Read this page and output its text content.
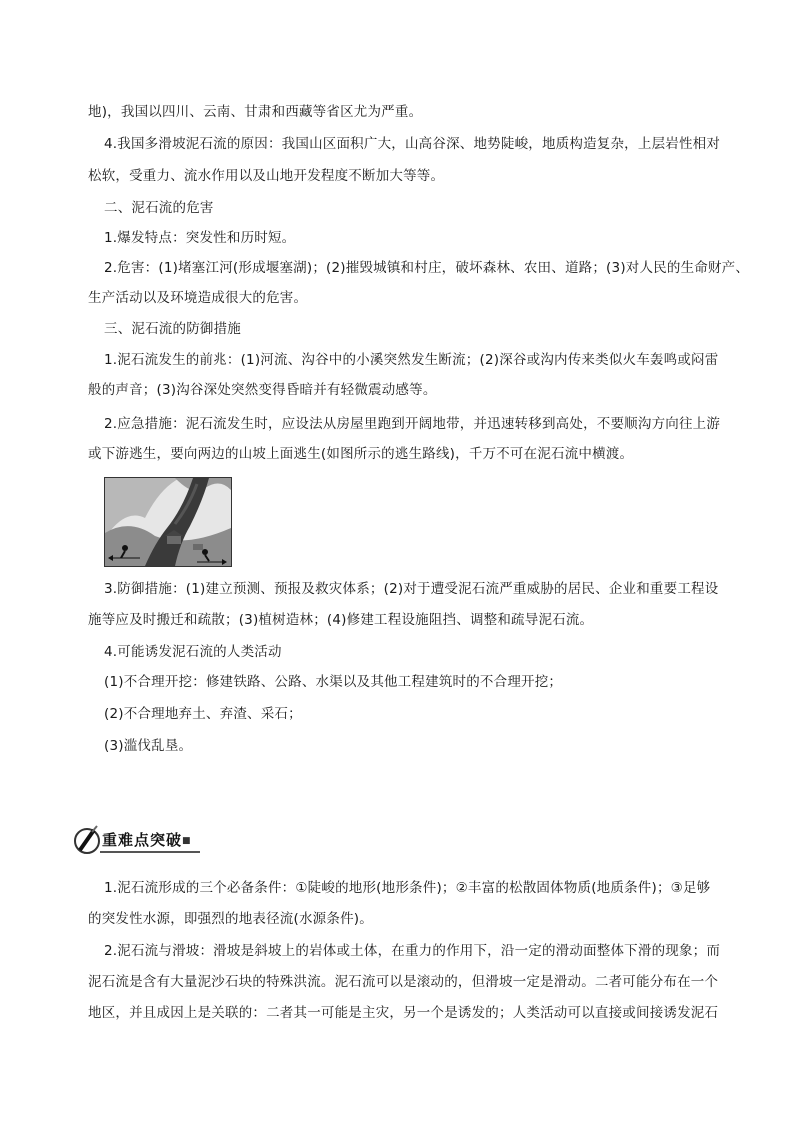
地)，我国以四川、云南、甘肃和西藏等省区尤为严重。
4.我国多滑坡泥石流的原因：我国山区面积广大，山高谷深、地势陡峻，地质构造复杂，上层岩性相对
松软，受重力、流水作用以及山地开发程度不断加大等等。
二、泥石流的危害
1.爆发特点：突发性和历时短。
2.危害：(1)堵塞江河(形成堰塞湖)；(2)摧毁城镇和村庄，破坏森林、农田、道路；(3)对人民的生命财产、
生产活动以及环境造成很大的危害。
三、泥石流的防御措施
1.泥石流发生的前兆：(1)河流、沟谷中的小溪突然发生断流；(2)深谷或沟内传来类似火车轰鸣或闷雷
般的声音；(3)沟谷深处突然变得昏暗并有轻微震动感等。
2.应急措施：泥石流发生时，应设法从房屋里跑到开阔地带，并迅速转移到高处，不要顺沟方向往上游
或下游逃生，要向两边的山坡上面逃生(如图所示的逃生路线)，千万不可在泥石流中横渡。
3.防御措施：(1)建立预测、预报及救灾体系；(2)对于遭受泥石流严重威胁的居民、企业和重要工程设
施等应及时搬迁和疏散；(3)植树造林；(4)修建工程设施阻挡、调整和疏导泥石流。
4.可能诱发泥石流的人类活动
(1)不合理开挖：修建铁路、公路、水渠以及其他工程建筑时的不合理开挖；
(2)不合理地弃土、弃渣、采石；
(3)滥伐乱垦。
重难点突破 ■
1.泥石流形成的三个必备条件：①陡峻的地形(地形条件)；②丰富的松散固体物质(地质条件)；③足够
的突发性水源，即强烈的地表径流(水源条件)。
2.泥石流与滑坡：滑坡是斜坡上的岩体或土体，在重力的作用下，沿一定的滑动面整体下滑的现象；而
泥石流是含有大量泥沙石块的特殊洪流。泥石流可以是滚动的，但滑坡一定是滑动。二者可能分布在一个
地区，并且成因上是关联的：二者其一可能是主灾，另一个是诱发的；人类活动可以直接或间接诱发泥石
